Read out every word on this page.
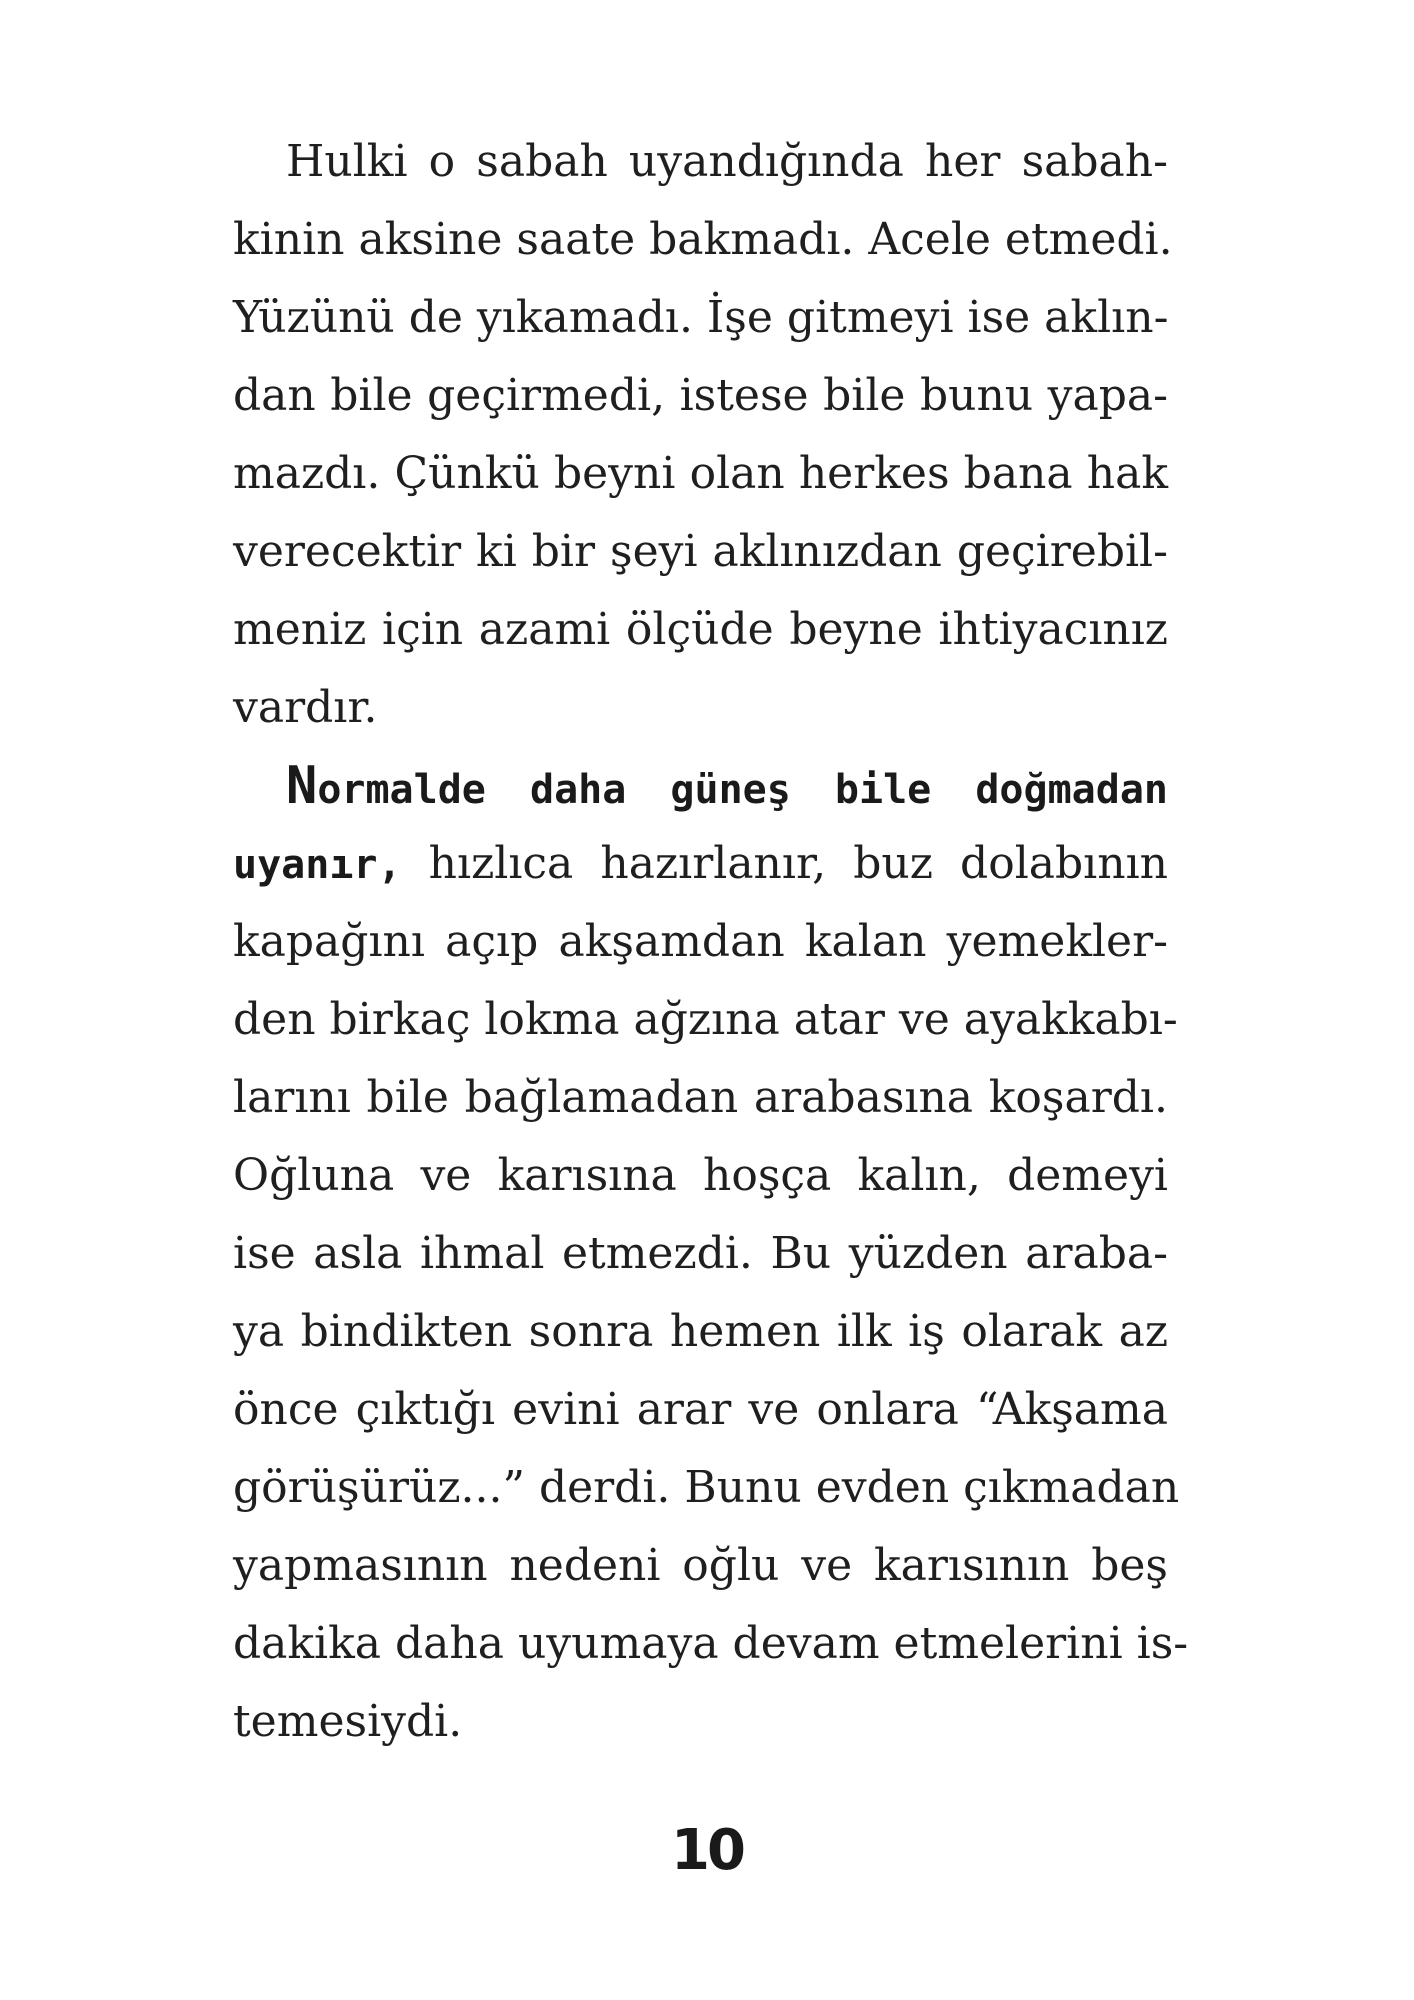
Hulki o sabah uyandığında her sabah-
kinin aksine saate bakmadı. Acele etmedi.
Yüzünü de yıkamadı. İşe gitmeyi ise aklın-
dan bile geçirmedi, istese bile bunu yapa-
mazdı. Çünkü beyni olan herkes bana hak
verecektir ki bir şeyi aklınızdan geçirebil-
meniz için azami ölçüde beyne ihtiyacınız
vardır.
Normalde daha güneş bile doğmadan
uyanır, hızlıca hazırlanır, buz dolabının
kapağını açıp akşamdan kalan yemekler-
den birkaç lokma ağzına atar ve ayakkabı-
larını bile bağlamadan arabasına koşardı.
Oğluna ve karısına hoşça kalın, demeyi
ise asla ihmal etmezdi. Bu yüzden araba-
ya bindikten sonra hemen ilk iş olarak az
önce çıktığı evini arar ve onlara “Akşama
görüşürüz...” derdi. Bunu evden çıkmadan
yapmasının nedeni oğlu ve karısının beş
dakika daha uyumaya devam etmelerini is-
temesiydi.
10
